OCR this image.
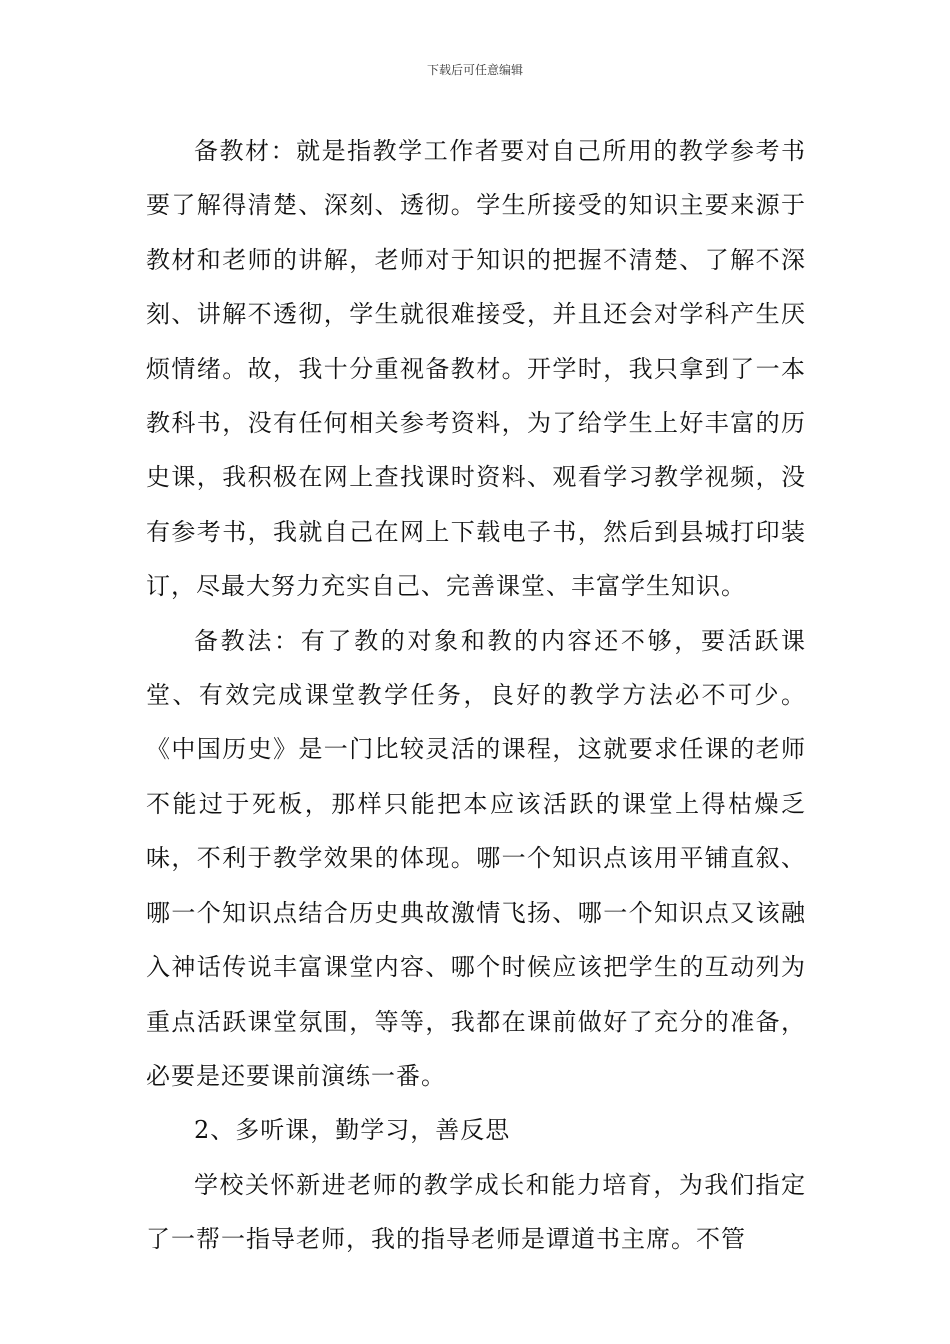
下载后可任意编辑

备教材：就是指教学工作者要对自己所用的教学参考书要了解得清楚、深刻、透彻。学生所接受的知识主要来源于教材和老师的讲解，老师对于知识的把握不清楚、了解不深刻、讲解不透彻，学生就很难接受，并且还会对学科产生厌烦情绪。故，我十分重视备教材。开学时，我只拿到了一本教科书，没有任何相关参考资料，为了给学生上好丰富的历史课，我积极在网上查找课时资料、观看学习教学视频，没有参考书，我就自己在网上下载电子书，然后到县城打印装订，尽最大努力充实自己、完善课堂、丰富学生知识。

备教法：有了教的对象和教的内容还不够，要活跃课堂、有效完成课堂教学任务，良好的教学方法必不可少。《中国历史》是一门比较灵活的课程，这就要求任课的老师不能过于死板，那样只能把本应该活跃的课堂上得枯燥乏味，不利于教学效果的体现。哪一个知识点该用平铺直叙、哪一个知识点结合历史典故激情飞扬、哪一个知识点又该融入神话传说丰富课堂内容、哪个时候应该把学生的互动列为重点活跃课堂氛围，等等，我都在课前做好了充分的准备，必要是还要课前演练一番。

2、多听课，勤学习，善反思

学校关怀新进老师的教学成长和能力培育，为我们指定了一帮一指导老师，我的指导老师是谭道书主席。不管
